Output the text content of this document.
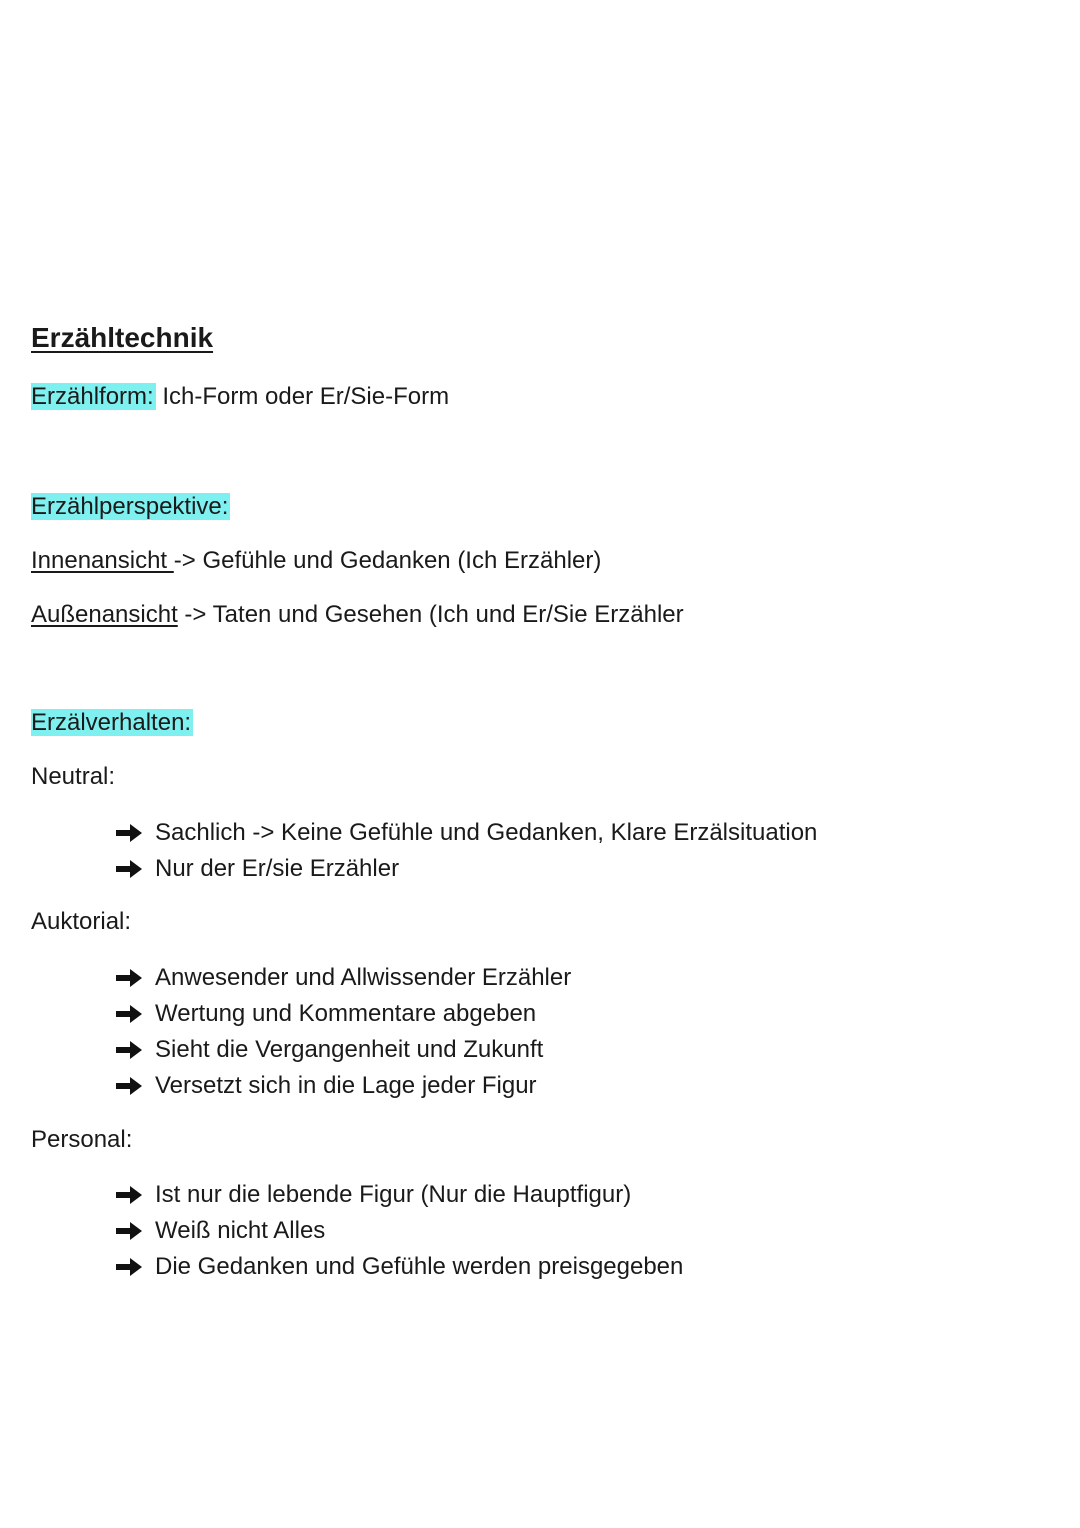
Erzähltechnik
Erzählform: Ich-Form oder Er/Sie-Form
Erzählperspektive:
Innenansicht -> Gefühle und Gedanken (Ich Erzähler)
Außenansicht -> Taten und Gesehen (Ich und Er/Sie Erzähler
Erzälverhalten:
Neutral:
Sachlich -> Keine Gefühle und Gedanken, Klare Erzälsituation
Nur der Er/sie Erzähler
Auktorial:
Anwesender und Allwissender Erzähler
Wertung und Kommentare abgeben
Sieht die Vergangenheit und Zukunft
Versetzt sich in die Lage jeder Figur
Personal:
Ist nur die lebende Figur (Nur die Hauptfigur)
Weiß nicht Alles
Die Gedanken und Gefühle werden preisgegeben
